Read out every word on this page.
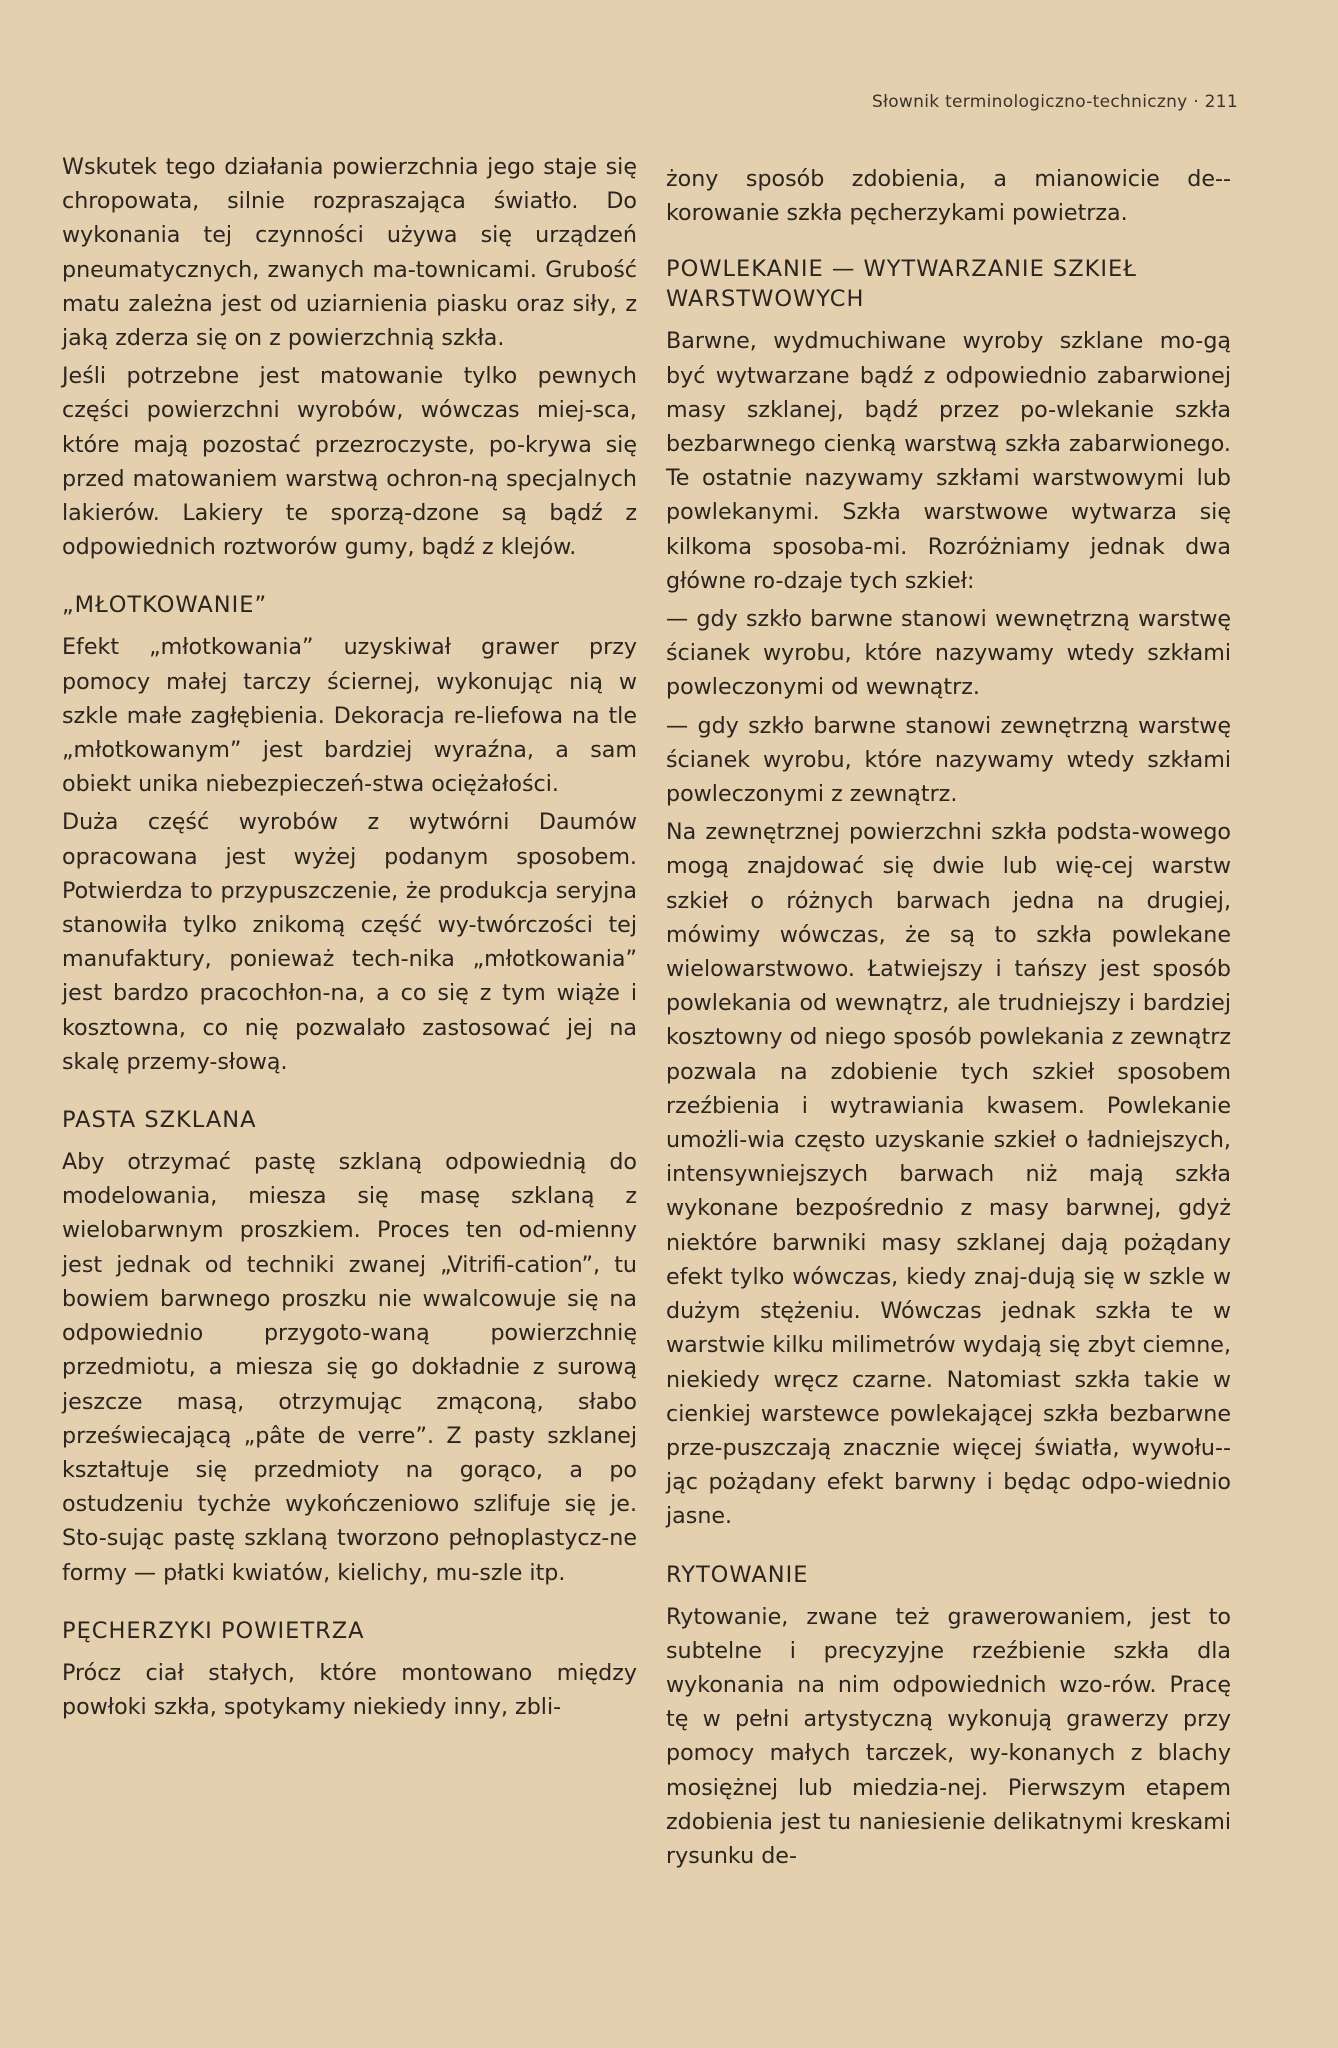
Słownik terminologiczno-techniczny · 211

Wskutek tego działania powierzchnia jego staje się chropowata, silnie rozpraszająca światło. Do wykonania tej czynności używa się urządzeń pneumatycznych, zwanych ma-townicami. Grubość matu zależna jest od uziarnienia piasku oraz siły, z jaką zderza się on z powierzchnią szkła.

Jeśli potrzebne jest matowanie tylko pewnych części powierzchni wyrobów, wówczas miej-sca, które mają pozostać przezroczyste, po-krywa się przed matowaniem warstwą ochron-ną specjalnych lakierów. Lakiery te sporzą-dzone są bądź z odpowiednich roztworów gumy, bądź z klejów.

„MŁOTKOWANIE”

Efekt „młotkowania” uzyskiwał grawer przy pomocy małej tarczy ściernej, wykonując nią w szkle małe zagłębienia. Dekoracja re-liefowa na tle „młotkowanym” jest bardziej wyraźna, a sam obiekt unika niebezpieczeń-stwa ociężałości.

Duża część wyrobów z wytwórni Daumów opracowana jest wyżej podanym sposobem. Potwierdza to przypuszczenie, że produkcja seryjna stanowiła tylko znikomą część wy-twórczości tej manufaktury, ponieważ tech-nika „młotkowania” jest bardzo pracochłon-na, a co się z tym wiąże i kosztowna, co nię pozwalało zastosować jej na skalę przemy-słową.

PASTA SZKLANA

Aby otrzymać pastę szklaną odpowiednią do modelowania, miesza się masę szklaną z wielobarwnym proszkiem. Proces ten od-mienny jest jednak od techniki zwanej „Vitrifi-cation”, tu bowiem barwnego proszku nie wwalcowuje się na odpowiednio przygoto-waną powierzchnię przedmiotu, a miesza się go dokładnie z surową jeszcze masą, otrzymując zmąconą, słabo przeświecającą „pâte de verre”. Z pasty szklanej kształtuje się przedmioty na gorąco, a po ostudzeniu tychże wykończeniowo szlifuje się je. Sto-sując pastę szklaną tworzono pełnoplastycz-ne formy — płatki kwiatów, kielichy, mu-szle itp.

PĘCHERZYKI POWIETRZA

Prócz ciał stałych, które montowano między powłoki szkła, spotykamy niekiedy inny, zbli-

żony sposób zdobienia, a mianowicie de-korowanie szkła pęcherzykami powietrza.

POWLEKANIE — WYTWARZANIE SZKIEŁ WARSTWOWYCH

Barwne, wydmuchiwane wyroby szklane mo-gą być wytwarzane bądź z odpowiednio zabarwionej masy szklanej, bądź przez po-wlekanie szkła bezbarwnego cienką warstwą szkła zabarwionego. Te ostatnie nazywamy szkłami warstwowymi lub powlekanymi. Szkła warstwowe wytwarza się kilkoma sposoba-mi. Rozróżniamy jednak dwa główne ro-dzaje tych szkieł:

— gdy szkło barwne stanowi wewnętrzną warstwę ścianek wyrobu, które nazywamy wtedy szkłami powleczonymi od wewnątrz.

— gdy szkło barwne stanowi zewnętrzną warstwę ścianek wyrobu, które nazywamy wtedy szkłami powleczonymi z zewnątrz.

Na zewnętrznej powierzchni szkła podsta-wowego mogą znajdować się dwie lub wię-cej warstw szkieł o różnych barwach jedna na drugiej, mówimy wówczas, że są to szkła powlekane wielowarstwowo. Łatwiejszy i tańszy jest sposób powlekania od wewnątrz, ale trudniejszy i bardziej kosztowny od niego sposób powlekania z zewnątrz pozwala na zdobienie tych szkieł sposobem rzeźbienia i wytrawiania kwasem. Powlekanie umożli-wia często uzyskanie szkieł o ładniejszych, intensywniejszych barwach niż mają szkła wykonane bezpośrednio z masy barwnej, gdyż niektóre barwniki masy szklanej dają pożądany efekt tylko wówczas, kiedy znaj-dują się w szkle w dużym stężeniu. Wówczas jednak szkła te w warstwie kilku milimetrów wydają się zbyt ciemne, niekiedy wręcz czarne. Natomiast szkła takie w cienkiej warstewce powlekającej szkła bezbarwne prze-puszczają znacznie więcej światła, wywołu-jąc pożądany efekt barwny i będąc odpo-wiednio jasne.

RYTOWANIE

Rytowanie, zwane też grawerowaniem, jest to subtelne i precyzyjne rzeźbienie szkła dla wykonania na nim odpowiednich wzo-rów. Pracę tę w pełni artystyczną wykonują grawerzy przy pomocy małych tarczek, wy-konanych z blachy mosiężnej lub miedzia-nej. Pierwszym etapem zdobienia jest tu naniesienie delikatnymi kreskami rysunku de-
